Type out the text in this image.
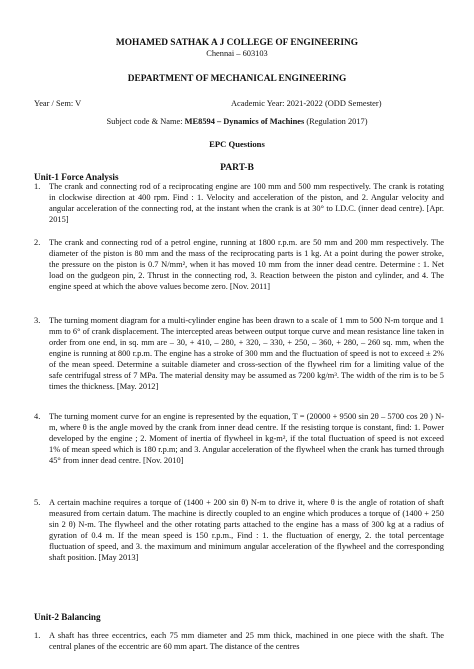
MOHAMED SATHAK A J COLLEGE OF ENGINEERING
Chennai – 603103
DEPARTMENT OF MECHANICAL ENGINEERING
Year / Sem: V	Academic Year: 2021-2022 (ODD Semester)
Subject code & Name: ME8594 – Dynamics of Machines (Regulation 2017)
EPC Questions
PART-B
Unit-1 Force Analysis
1. The crank and connecting rod of a reciprocating engine are 100 mm and 500 mm respectively. The crank is rotating in clockwise direction at 400 rpm. Find : 1. Velocity and acceleration of the piston, and 2. Angular velocity and angular acceleration of the connecting rod, at the instant when the crank is at 30° to I.D.C. (inner dead centre). [Apr. 2015]
2. The crank and connecting rod of a petrol engine, running at 1800 r.p.m. are 50 mm and 200 mm respectively. The diameter of the piston is 80 mm and the mass of the reciprocating parts is 1 kg. At a point during the power stroke, the pressure on the piston is 0.7 N/mm², when it has moved 10 mm from the inner dead centre. Determine : 1. Net load on the gudgeon pin, 2. Thrust in the connecting rod, 3. Reaction between the piston and cylinder, and 4. The engine speed at which the above values become zero. [Nov. 2011]
3. The turning moment diagram for a multi-cylinder engine has been drawn to a scale of 1 mm to 500 N-m torque and 1 mm to 6° of crank displacement. The intercepted areas between output torque curve and mean resistance line taken in order from one end, in sq. mm are – 30, + 410, – 280, + 320, – 330, + 250, – 360, + 280, – 260 sq. mm, when the engine is running at 800 r.p.m. The engine has a stroke of 300 mm and the fluctuation of speed is not to exceed ± 2% of the mean speed. Determine a suitable diameter and cross-section of the flywheel rim for a limiting value of the safe centrifugal stress of 7 MPa. The material density may be assumed as 7200 kg/m³. The width of the rim is to be 5 times the thickness. [May. 2012]
4. The turning moment curve for an engine is represented by the equation, T = (20000 + 9500 sin 2θ – 5700 cos 2θ ) N-m, where θ is the angle moved by the crank from inner dead centre. If the resisting torque is constant, find: 1. Power developed by the engine ; 2. Moment of inertia of flywheel in kg-m², if the total fluctuation of speed is not exceed 1% of mean speed which is 180 r.p.m; and 3. Angular acceleration of the flywheel when the crank has turned through 45° from inner dead centre. [Nov. 2010]
5. A certain machine requires a torque of (1400 + 200 sin θ) N-m to drive it, where θ is the angle of rotation of shaft measured from certain datum. The machine is directly coupled to an engine which produces a torque of (1400 + 250 sin 2 θ) N-m. The flywheel and the other rotating parts attached to the engine has a mass of 300 kg at a radius of gyration of 0.4 m. If the mean speed is 150 r.p.m., Find : 1. the fluctuation of energy, 2. the total percentage fluctuation of speed, and 3. the maximum and minimum angular acceleration of the flywheel and the corresponding shaft position. [May 2013]
Unit-2 Balancing
1. A shaft has three eccentrics, each 75 mm diameter and 25 mm thick, machined in one piece with the shaft. The central planes of the eccentric are 60 mm apart. The distance of the centres
